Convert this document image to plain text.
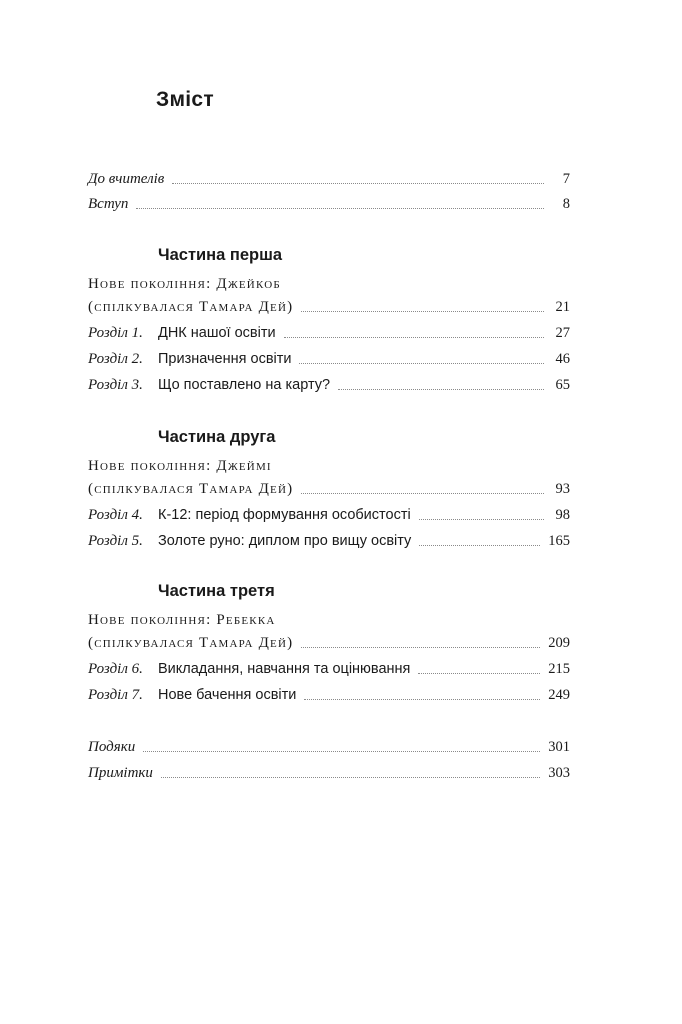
Зміст
До вчителів	7
Вступ	8
Частина перша
Нове покоління: Джейкоб
(спілкувалася Тамара Дей)	21
Розділ 1.	ДНК нашої освіти	27
Розділ 2.	Призначення освіти	46
Розділ 3.	Що поставлено на карту?	65
Частина друга
Нове покоління: Джеймі
(спілкувалася Тамара Дей)	93
Розділ 4.	К-12: період формування особистості	98
Розділ 5.	Золоте руно: диплом про вищу освіту	165
Частина третя
Нове покоління: Ребекка
(спілкувалася Тамара Дей)	209
Розділ 6.	Викладання, навчання та оцінювання	215
Розділ 7.	Нове бачення освіти	249
Подяки	301
Примітки	303
